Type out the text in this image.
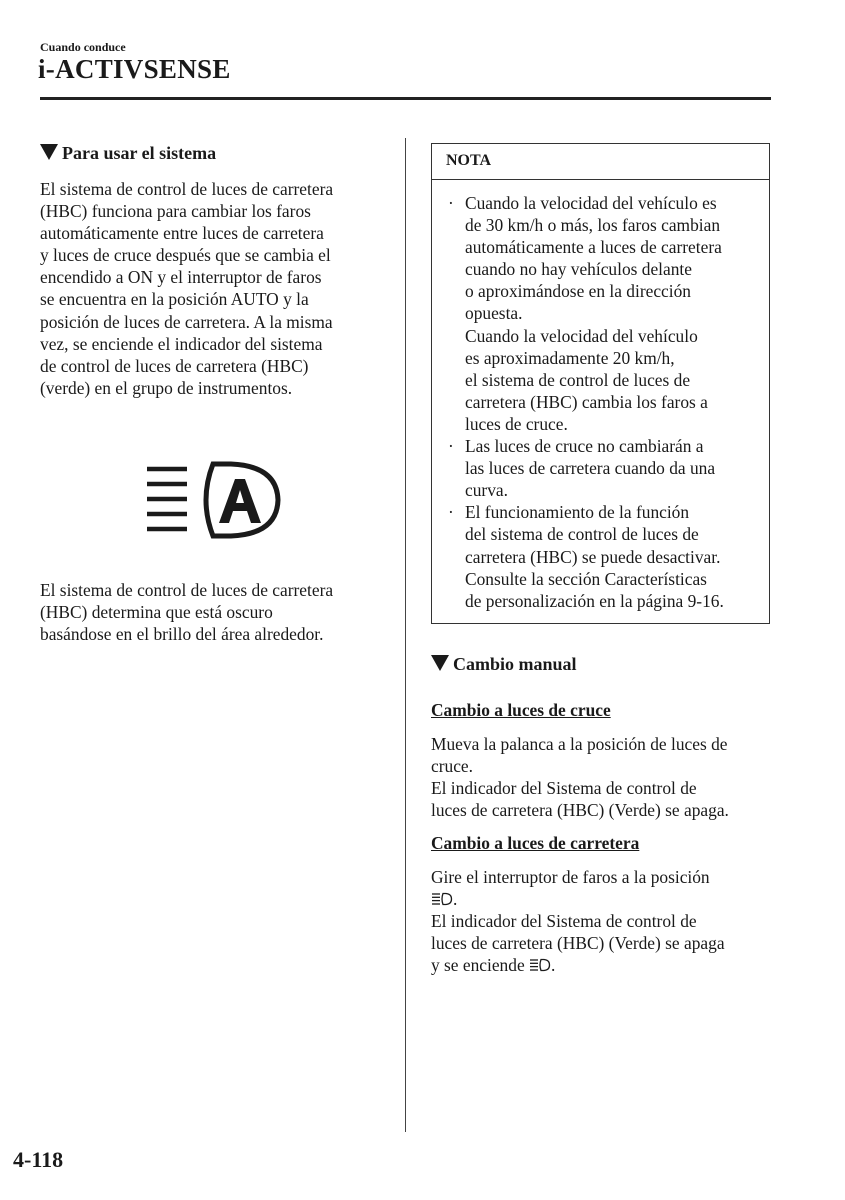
Cuando conduce
i-ACTIVSENSE
Para usar el sistema
El sistema de control de luces de carretera
(HBC) funciona para cambiar los faros
automáticamente entre luces de carretera
y luces de cruce después que se cambia el
encendido a ON y el interruptor de faros
se encuentra en la posición AUTO y la
posición de luces de carretera. A la misma
vez, se enciende el indicador del sistema
de control de luces de carretera (HBC)
(verde) en el grupo de instrumentos.
El sistema de control de luces de carretera
(HBC) determina que está oscuro
basándose en el brillo del área alrededor.
NOTA
· Cuando la velocidad del vehículo es
de 30 km/h o más, los faros cambian
automáticamente a luces de carretera
cuando no hay vehículos delante
o aproximándose en la dirección
opuesta.
Cuando la velocidad del vehículo
es aproximadamente 20 km/h,
el sistema de control de luces de
carretera (HBC) cambia los faros a
luces de cruce.
· Las luces de cruce no cambiarán a
las luces de carretera cuando da una
curva.
· El funcionamiento de la función
del sistema de control de luces de
carretera (HBC) se puede desactivar.
Consulte la sección Características
de personalización en la página 9-16.
Cambio manual
Cambio a luces de cruce
Mueva la palanca a la posición de luces de
cruce.
El indicador del Sistema de control de
luces de carretera (HBC) (Verde) se apaga.
Cambio a luces de carretera
Gire el interruptor de faros a la posición
.
El indicador del Sistema de control de
luces de carretera (HBC) (Verde) se apaga
y se enciende .
4-118
